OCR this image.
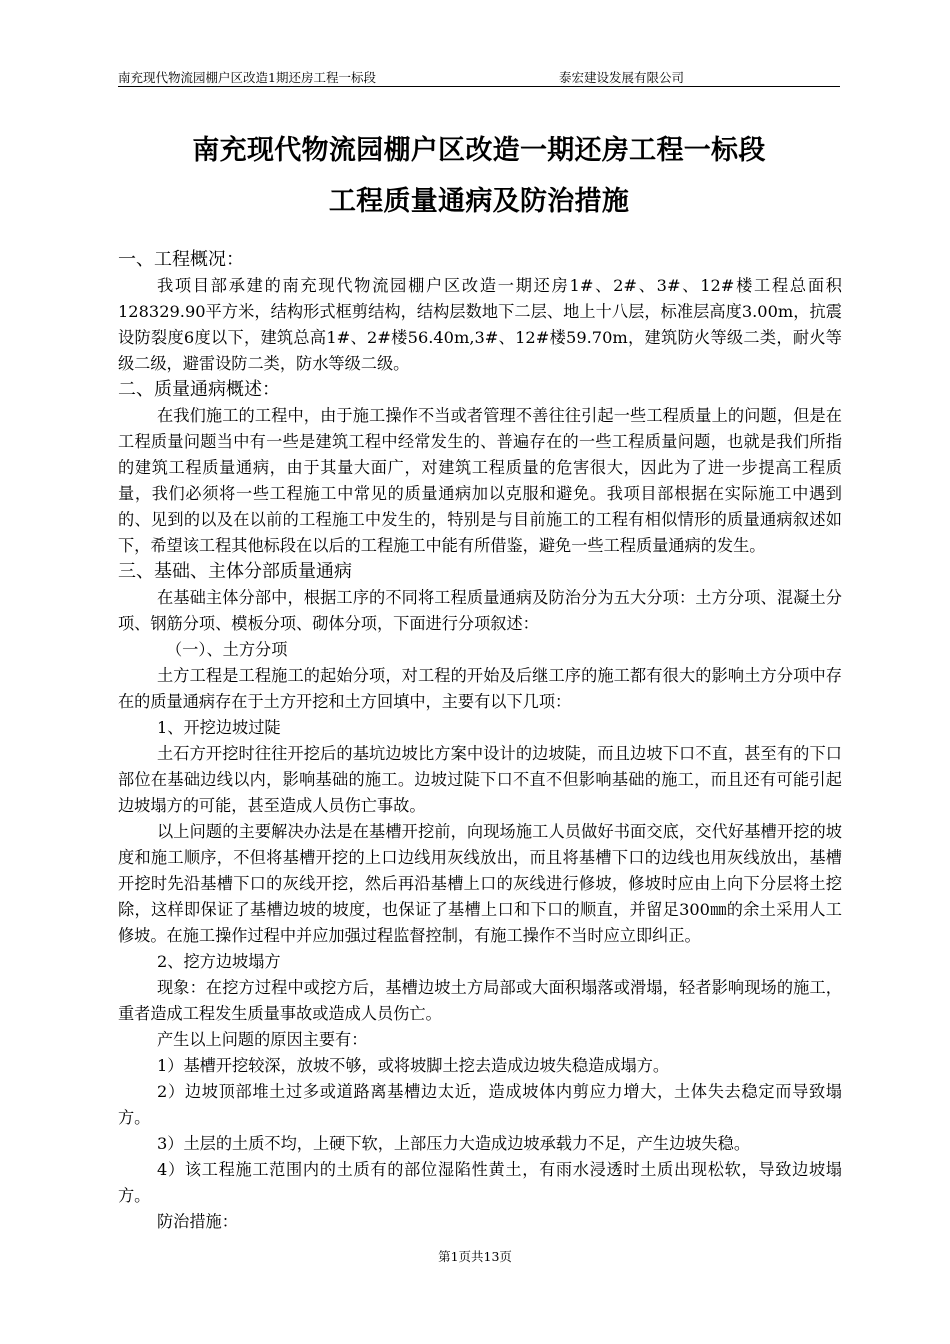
南充现代物流园棚户区改造1期还房工程一标段	泰宏建设发展有限公司
南充现代物流园棚户区改造一期还房工程一标段
工程质量通病及防治措施

一、工程概况：

我项目部承建的南充现代物流园棚户区改造一期还房1#、2#、3#、12#楼工程总面积128329.90平方米，结构形式框剪结构，结构层数地下二层、地上十八层，标准层高度3.00m，抗震设防裂度6度以下，建筑总高1#、2#楼56.40m,3#、12#楼59.70m，建筑防火等级二类，耐火等级二级，避雷设防二类，防水等级二级。

二、质量通病概述：

在我们施工的工程中，由于施工操作不当或者管理不善往往引起一些工程质量上的问题，但是在工程质量问题当中有一些是建筑工程中经常发生的、普遍存在的一些工程质量问题，也就是我们所指的建筑工程质量通病，由于其量大面广，对建筑工程质量的危害很大，因此为了进一步提高工程质量，我们必须将一些工程施工中常见的质量通病加以克服和避免。我项目部根据在实际施工中遇到的、见到的以及在以前的工程施工中发生的，特别是与目前施工的工程有相似情形的质量通病叙述如下，希望该工程其他标段在以后的工程施工中能有所借鉴，避免一些工程质量通病的发生。

三、基础、主体分部质量通病

在基础主体分部中，根据工序的不同将工程质量通病及防治分为五大分项：土方分项、混凝土分项、钢筋分项、模板分项、砌体分项，下面进行分项叙述：

（一）、土方分项

土方工程是工程施工的起始分项，对工程的开始及后继工序的施工都有很大的影响土方分项中存在的质量通病存在于土方开挖和土方回填中，主要有以下几项：

1、开挖边坡过陡

土石方开挖时往往开挖后的基坑边坡比方案中设计的边坡陡，而且边坡下口不直，甚至有的下口部位在基础边线以内，影响基础的施工。边坡过陡下口不直不但影响基础的施工，而且还有可能引起边坡塌方的可能，甚至造成人员伤亡事故。

以上问题的主要解决办法是在基槽开挖前，向现场施工人员做好书面交底，交代好基槽开挖的坡度和施工顺序，不但将基槽开挖的上口边线用灰线放出，而且将基槽下口的边线也用灰线放出，基槽开挖时先沿基槽下口的灰线开挖，然后再沿基槽上口的灰线进行修坡，修坡时应由上向下分层将土挖除，这样即保证了基槽边坡的坡度，也保证了基槽上口和下口的顺直，并留足300㎜的余土采用人工修坡。在施工操作过程中并应加强过程监督控制，有施工操作不当时应立即纠正。

2、挖方边坡塌方

现象：在挖方过程中或挖方后，基槽边坡土方局部或大面积塌落或滑塌，轻者影响现场的施工，重者造成工程发生质量事故或造成人员伤亡。

产生以上问题的原因主要有：

1）基槽开挖较深，放坡不够，或将坡脚土挖去造成边坡失稳造成塌方。

2）边坡顶部堆土过多或道路离基槽边太近，造成坡体内剪应力增大，土体失去稳定而导致塌方。

3）土层的土质不均，上硬下软，上部压力大造成边坡承载力不足，产生边坡失稳。

4）该工程施工范围内的土质有的部位湿陷性黄土，有雨水浸透时土质出现松软，导致边坡塌方。

防治措施：

第1页共13页
